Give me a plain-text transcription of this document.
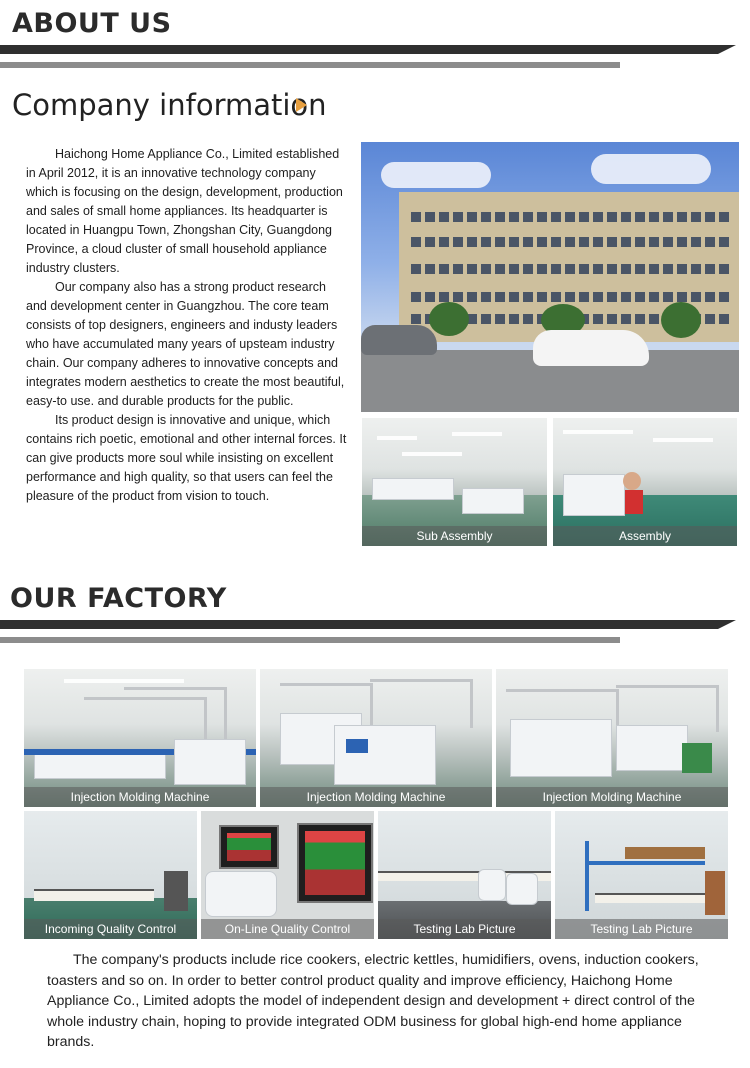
ABOUT US
Company information

Haichong Home Appliance Co., Limited established in April 2012, it is an innovative technology company which is focusing on the design, development, production and sales of small home appliances. Its headquarter is located in Huangpu Town, Zhongshan City, Guangdong Province, a cloud cluster of small household appliance industry clusters.

Our company also has a strong product research and development center in Guangzhou. The core team consists of top designers, engineers and industy leaders who have accumulated many years of upsteam industry chain. Our company adheres to innovative concepts and integrates modern aesthetics to create the most beautiful, easy-to use. and durable products for the public.

Its product design is innovative and unique, which contains rich poetic, emotional and other internal forces. It can give products more soul while insisting on excellent performance and high quality, so that users can feel the pleasure of the product from vision to touch.

Sub Assembly	Assembly
OUR FACTORY
Injection Molding Machine	Injection Molding Machine	Injection Molding Machine
Incoming Quality Control	On-Line Quality Control	Testing Lab Picture	Testing Lab Picture

The company's products include rice cookers, electric kettles, humidifiers, ovens, induction cookers, toasters and so on. In order to better control product quality and improve efficiency, Haichong Home Appliance Co., Limited adopts the model of independent design and development + direct control of the whole industry chain, hoping to provide integrated ODM business for global high-end home appliance brands.
